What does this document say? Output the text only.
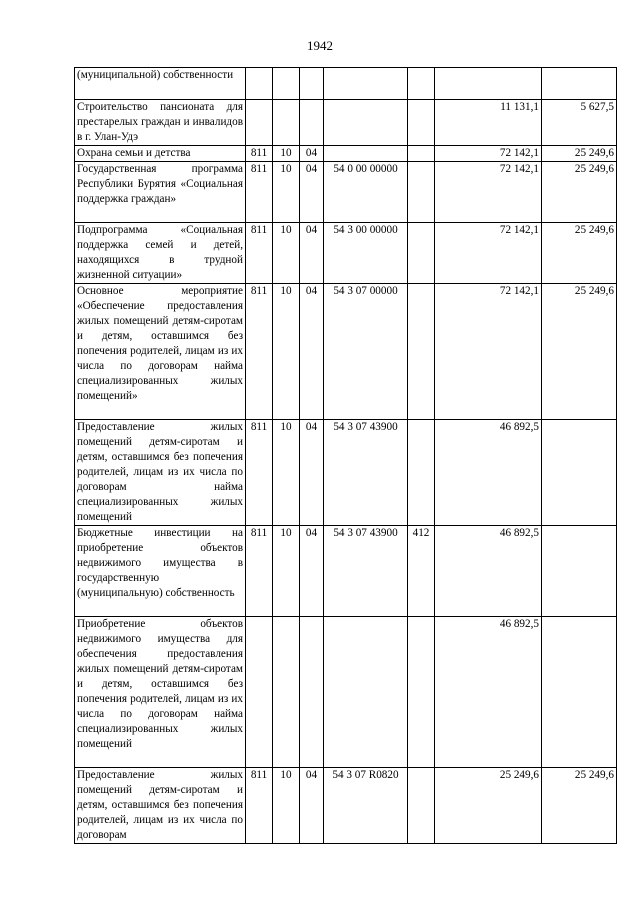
1942
(муниципальной) собственности							
Строительство пансионата для престарелых граждан и инвалидов в г. Улан-Удэ						11 131,1	5 627,5
Охрана семьи и детства	811	10	04			72 142,1	25 249,6
Государственная программа Республики Бурятия «Социальная поддержка граждан»	811	10	04	54 0 00 00000		72 142,1	25 249,6
Подпрограмма «Социальная поддержка семей и детей, находящихся в трудной жизненной ситуации»	811	10	04	54 3 00 00000		72 142,1	25 249,6
Основное мероприятие «Обеспечение предоставления жилых помещений детям-сиротам и детям, оставшимся без попечения родителей, лицам из их числа по договорам найма специализированных жилых помещений»	811	10	04	54 3 07 00000		72 142,1	25 249,6
Предоставление жилых помещений детям-сиротам и детям, оставшимся без попечения родителей, лицам из их числа по договорам найма специализированных жилых помещений	811	10	04	54 3 07 43900		46 892,5	
Бюджетные инвестиции на приобретение объектов недвижимого имущества в государственную (муниципальную) собственность	811	10	04	54 3 07 43900	412	46 892,5	
Приобретение объектов недвижимого имущества для обеспечения предоставления жилых помещений детям-сиротам и детям, оставшимся без попечения родителей, лицам из их числа по договорам найма специализированных жилых помещений						46 892,5	
Предоставление жилых помещений детям-сиротам и детям, оставшимся без попечения родителей, лицам из их числа по договорам	811	10	04	54 3 07 R0820		25 249,6	25 249,6
